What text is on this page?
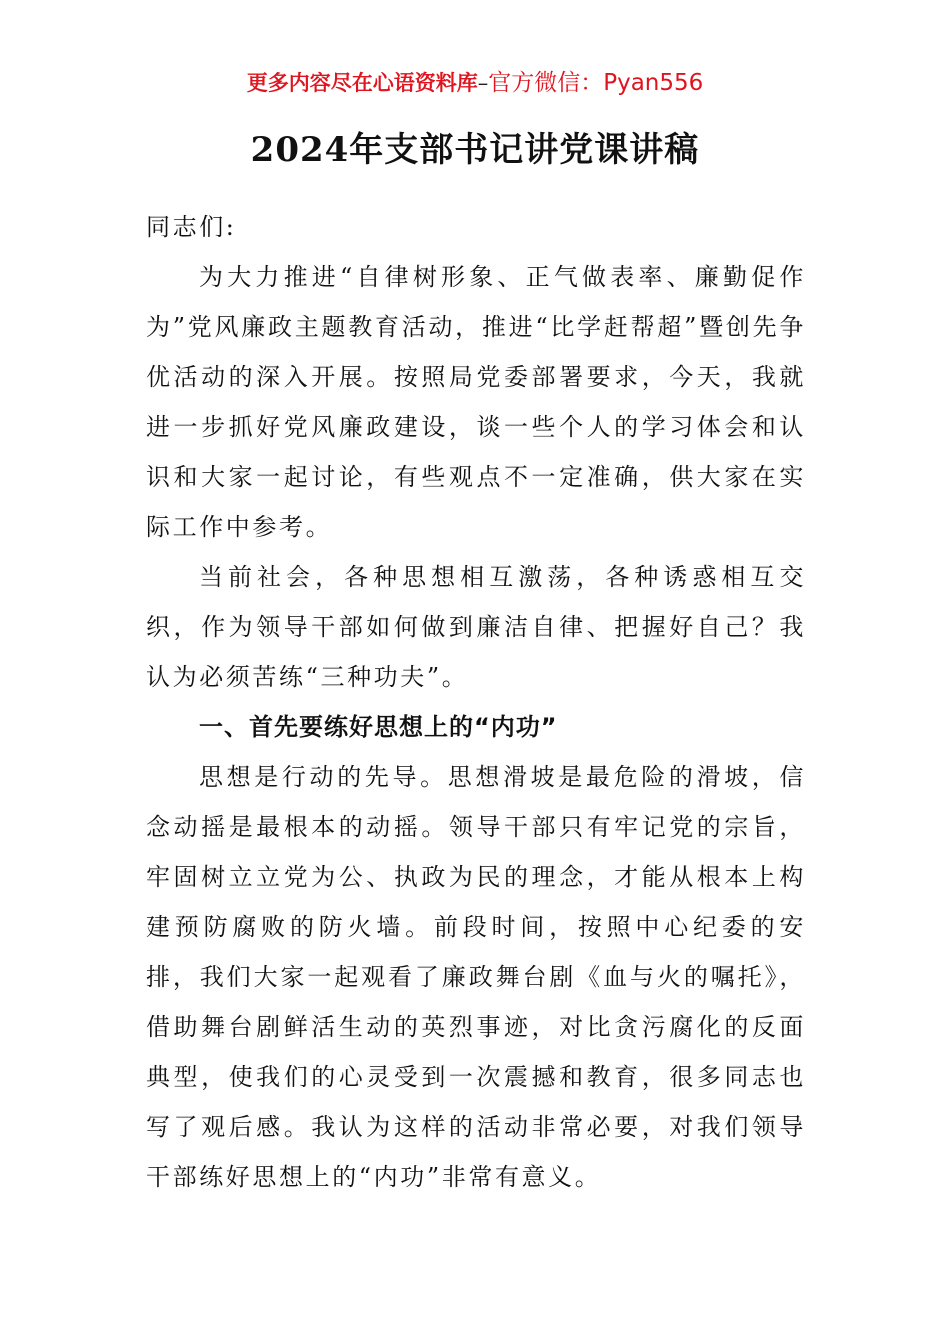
更多内容尽在心语资料库–官方微信：Pyan556
2024年支部书记讲党课讲稿

同志们:

为大力推进“自律树形象、正气做表率、廉勤促作为”党风廉政主题教育活动，推进“比学赶帮超”暨创先争优活动的深入开展。按照局党委部署要求，今天，我就进一步抓好党风廉政建设，谈一些个人的学习体会和认识和大家一起讨论，有些观点不一定准确，供大家在实际工作中参考。

当前社会，各种思想相互激荡，各种诱惑相互交织，作为领导干部如何做到廉洁自律、把握好自己？我认为必须苦练“三种功夫”。

一、首先要练好思想上的“内功”

思想是行动的先导。思想滑坡是最危险的滑坡，信念动摇是最根本的动摇。领导干部只有牢记党的宗旨，牢固树立立党为公、执政为民的理念，才能从根本上构建预防腐败的防火墙。前段时间，按照中心纪委的安排，我们大家一起观看了廉政舞台剧《血与火的嘱托》，借助舞台剧鲜活生动的英烈事迹，对比贪污腐化的反面典型，使我们的心灵受到一次震撼和教育，很多同志也写了观后感。我认为这样的活动非常必要，对我们领导干部练好思想上的“内功”非常有意义。
